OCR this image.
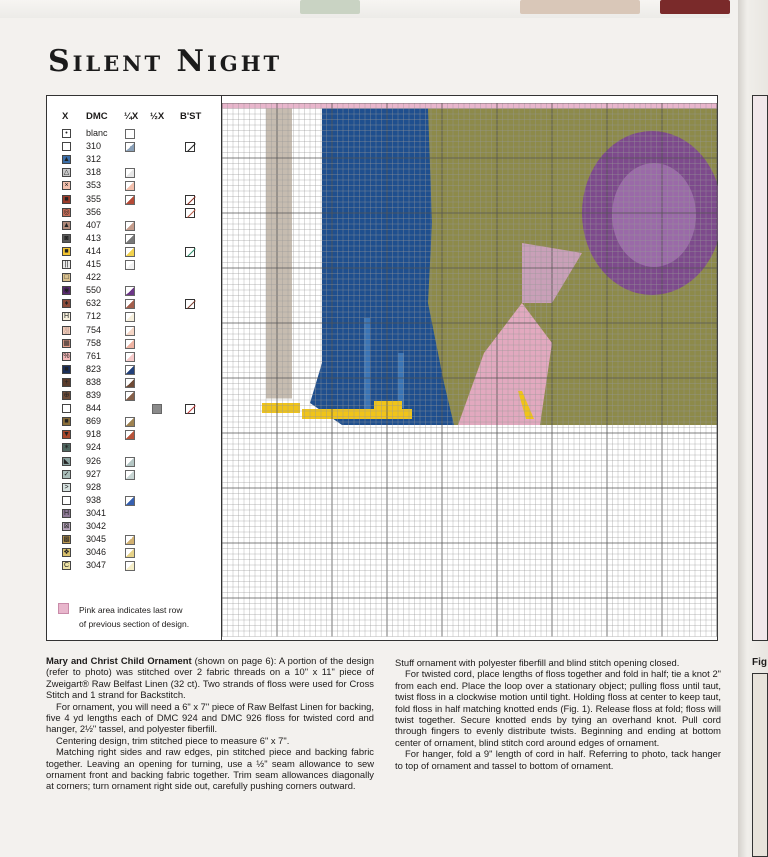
Silent Night
X DMC ¼X ½X B'ST
•	blanc
310
▲ 312
△ 318
× 353
■ 355
◎ 356
▲ 407
◙ 413
■ 414
|| 415
□ 422
◉ 550
♦	632
H 712
░ 754
▦ 758
% 761
■ 823
+ 838
⊕ 839
844
■ 869
▼ 918
✶ 924
◣ 926
✓ 927
> 928
938
H 3041
⊠ 3042
▩ 3045
❖ 3046
C 3047
Pink area indicates last row
of previous section of design.

Mary and Christ Child Ornament (shown on page 6): A portion of the design (refer to photo) was stitched over 2 fabric threads on a 10" x 11" piece of Zweigart® Raw Belfast Linen (32 ct). Two strands of floss were used for Cross Stitch and 1 strand for Backstitch.

For ornament, you will need a 6" x 7" piece of Raw Belfast Linen for backing, five 4 yd lengths each of DMC 924 and DMC 926 floss for twisted cord and hanger, 2½" tassel, and polyester fiberfill.

Centering design, trim stitched piece to measure 6" x 7".

Matching right sides and raw edges, pin stitched piece and backing fabric together. Leaving an opening for turning, use a ½" seam allowance to sew ornament front and backing fabric together. Trim seam allowances diagonally at corners; turn ornament right side out, carefully pushing corners outward.

Stuff ornament with polyester fiberfill and blind stitch opening closed.

For twisted cord, place lengths of floss together and fold in half; tie a knot 2" from each end. Place the loop over a stationary object; pulling floss until taut, twist floss in a clockwise motion until tight. Holding floss at center to keep taut, fold floss in half matching knotted ends (Fig. 1). Release floss at fold; floss will twist together. Secure knotted ends by tying an overhand knot. Pull cord through fingers to evenly distribute twists. Beginning and ending at bottom center of ornament, blind stitch cord around edges of ornament.

For hanger, fold a 9" length of cord in half. Referring to photo, tack hanger to top of ornament and tassel to bottom of ornament.

Fig
